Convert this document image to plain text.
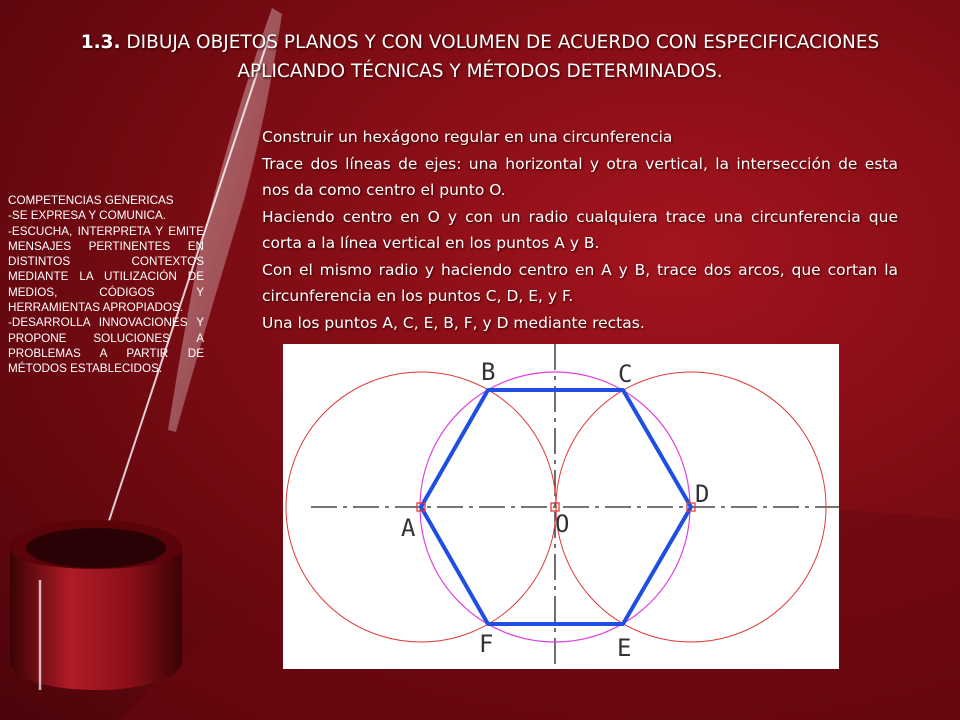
1.3. DIBUJA OBJETOS PLANOS Y CON VOLUMEN DE ACUERDO CON ESPECIFICACIONES APLICANDO TÉCNICAS Y MÉTODOS DETERMINADOS.

Construir un hexágono regular en una circunferencia

Trace dos líneas de ejes: una horizontal y otra vertical, la intersección de esta nos da como centro el punto O.

Haciendo centro en O y con un radio cualquiera trace una circunferencia que corta a la línea vertical en los puntos A y B.

Con el mismo radio y haciendo centro en A y B, trace dos arcos, que cortan la circunferencia en los puntos C, D, E, y F.

Una los puntos A, C, E, B, F, y D mediante rectas.

COMPETENCIAS GENERICAS
-SE EXPRESA Y COMUNICA.
-ESCUCHA, INTERPRETA Y EMITE MENSAJES PERTINENTES EN DISTINTOS CONTEXTOS MEDIANTE LA UTILIZACIÓN DE MEDIOS, CÓDIGOS Y HERRAMIENTAS APROPIADOS.
-DESARROLLA INNOVACIONES Y PROPONE SOLUCIONES A PROBLEMAS A PARTIR DE MÉTODOS ESTABLECIDOS.	B	C
D
A	O
F	E
